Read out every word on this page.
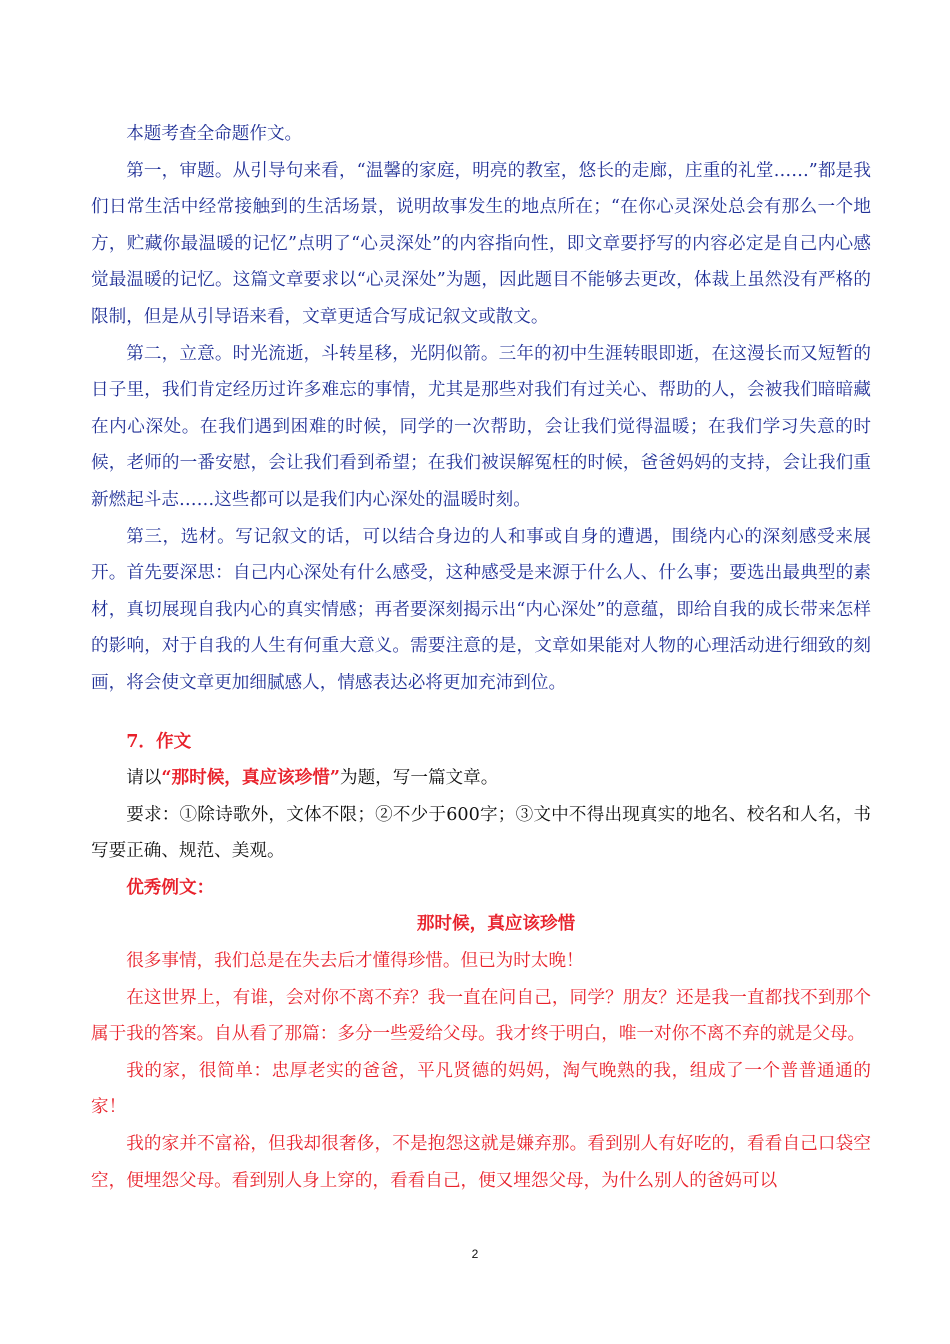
本题考查全命题作文。

第一，审题。从引导句来看，“温馨的家庭，明亮的教室，悠长的走廊，庄重的礼堂……”都是我们日常生活中经常接触到的生活场景，说明故事发生的地点所在；“在你心灵深处总会有那么一个地方，贮藏你最温暖的记忆”点明了“心灵深处”的内容指向性，即文章要抒写的内容必定是自己内心感觉最温暖的记忆。这篇文章要求以“心灵深处”为题，因此题目不能够去更改，体裁上虽然没有严格的限制，但是从引导语来看，文章更适合写成记叙文或散文。

第二，立意。时光流逝，斗转星移，光阴似箭。三年的初中生涯转眼即逝，在这漫长而又短暂的日子里，我们肯定经历过许多难忘的事情，尤其是那些对我们有过关心、帮助的人，会被我们暗暗藏在内心深处。在我们遇到困难的时候，同学的一次帮助，会让我们觉得温暖；在我们学习失意的时候，老师的一番安慰，会让我们看到希望；在我们被误解冤枉的时候，爸爸妈妈的支持，会让我们重新燃起斗志……这些都可以是我们内心深处的温暖时刻。

第三，选材。写记叙文的话，可以结合身边的人和事或自身的遭遇，围绕内心的深刻感受来展开。首先要深思：自己内心深处有什么感受，这种感受是来源于什么人、什么事；要选出最典型的素材，真切展现自我内心的真实情感；再者要深刻揭示出“内心深处”的意蕴，即给自我的成长带来怎样的影响，对于自我的人生有何重大意义。需要注意的是，文章如果能对人物的心理活动进行细致的刻画，将会使文章更加细腻感人，情感表达必将更加充沛到位。

7．作文

请以“那时候，真应该珍惜”为题，写一篇文章。

要求：①除诗歌外，文体不限；②不少于600字；③文中不得出现真实的地名、校名和人名，书写要正确、规范、美观。

优秀例文：

那时候，真应该珍惜

很多事情，我们总是在失去后才懂得珍惜。但已为时太晚！

在这世界上，有谁，会对你不离不弃？我一直在问自己，同学？朋友？还是我一直都找不到那个属于我的答案。自从看了那篇：多分一些爱给父母。我才终于明白，唯一对你不离不弃的就是父母。

我的家，很简单：忠厚老实的爸爸，平凡贤德的妈妈，淘气晚熟的我，组成了一个普普通通的家！

我的家并不富裕，但我却很奢侈，不是抱怨这就是嫌弃那。看到别人有好吃的，看看自己口袋空空，便埋怨父母。看到别人身上穿的，看看自己，便又埋怨父母，为什么别人的爸妈可以

2
